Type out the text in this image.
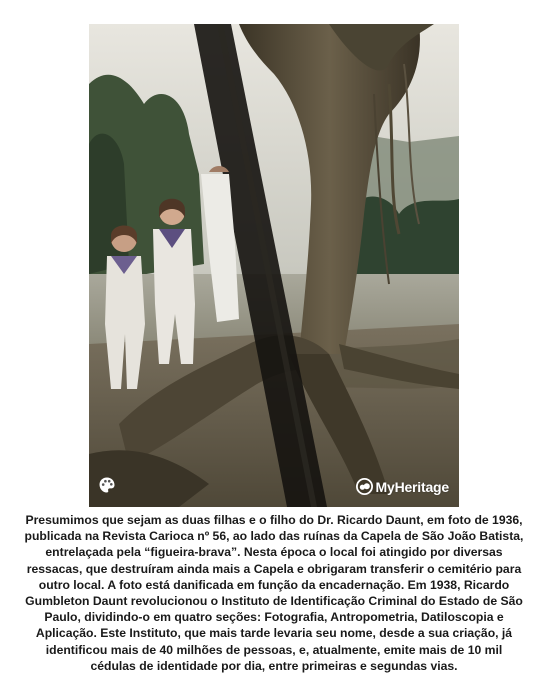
MyHeritage

Presumimos que sejam as duas filhas e o filho do Dr. Ricardo Daunt, em foto de 1936, publicada na Revista Carioca nº 56, ao lado das ruínas da Capela de São João Batista, entrelaçada pela “figueira-brava”. Nesta época o local foi atingido por diversas ressacas, que destruíram ainda mais a Capela e obrigaram transferir o cemitério para outro local. A foto está danificada em função da encadernação. Em 1938, Ricardo Gumbleton Daunt revolucionou o Instituto de Identificação Criminal do Estado de São Paulo, dividindo-o em quatro seções: Fotografia, Antropometria, Datiloscopia e Aplicação. Este Instituto, que mais tarde levaria seu nome, desde a sua criação, já identificou mais de 40 milhões de pessoas, e, atualmente, emite mais de 10 mil cédulas de identidade por dia, entre primeiras e segundas vias.
